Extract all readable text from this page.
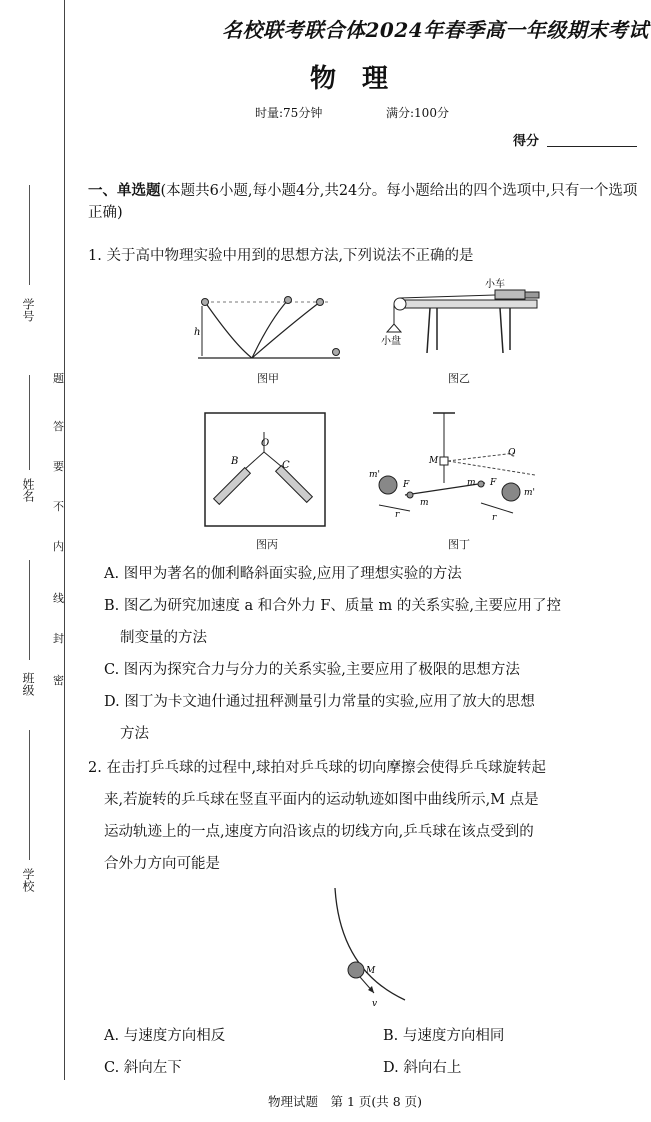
学号
姓名
班级
学校
题
答
要
不
内
线
封
密
名校联考联合体2024年春季高一年级期末考试
物理
时量:75分钟	满分:100分
得分
一、单选题(本题共6小题,每小题4分,共24分。每小题给出的四个选项中,只有一个选项正确)
1. 关于高中物理实验中用到的思想方法,下列说法不正确的是
h
图甲
小车
小盘
图乙
O
B	C
图丙
M
Q
F	F
m'
m'
m
m
r	r
图丁
A. 图甲为著名的伽利略斜面实验,应用了理想实验的方法
B. 图乙为研究加速度 a 和合外力 F、质量 m 的关系实验,主要应用了控
制变量的方法
C. 图丙为探究合力与分力的关系实验,主要应用了极限的思想方法
D. 图丁为卡文迪什通过扭秤测量引力常量的实验,应用了放大的思想
方法
2. 在击打乒乓球的过程中,球拍对乒乓球的切向摩擦会使得乒乓球旋转起
来,若旋转的乒乓球在竖直平面内的运动轨迹如图中曲线所示,M 点是
运动轨迹上的一点,速度方向沿该点的切线方向,乒乓球在该点受到的
合外力方向可能是
M
v
A. 与速度方向相反	B. 与速度方向相同
C. 斜向左下	D. 斜向右上
物理试题　第 1 页(共 8 页)
